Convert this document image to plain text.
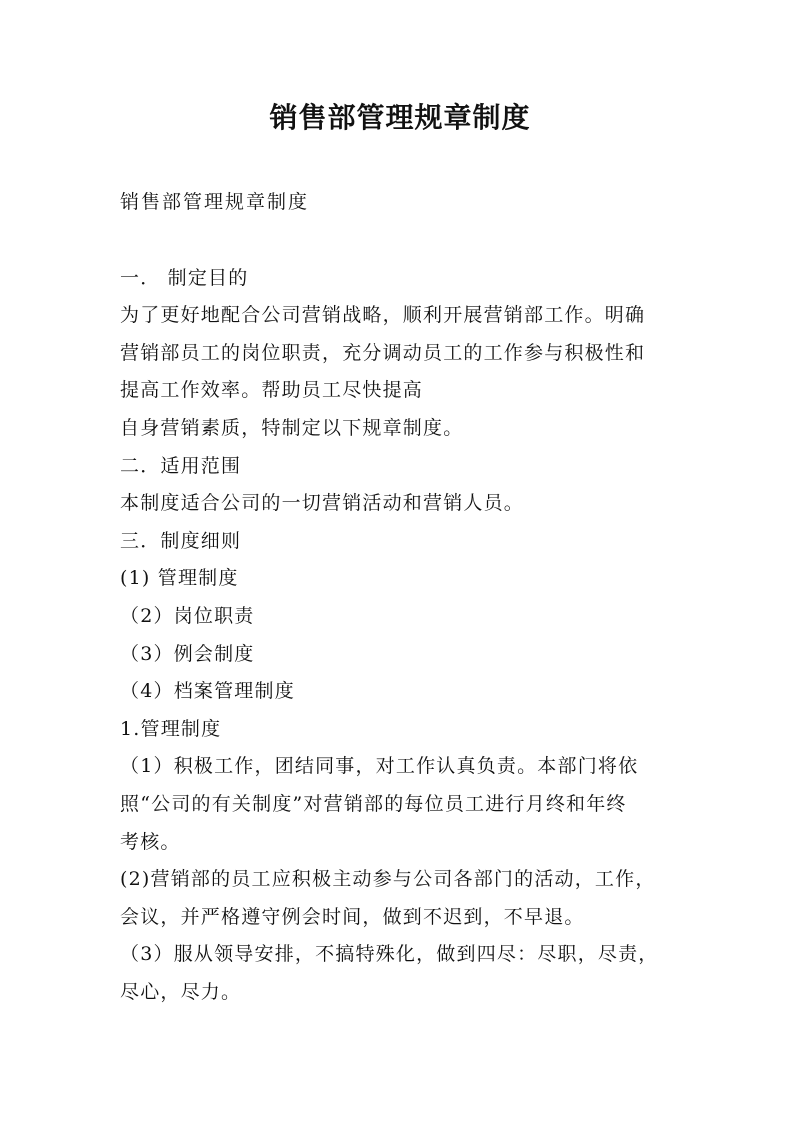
销售部管理规章制度
销售部管理规章制度
一． 制定目的
为了更好地配合公司营销战略，顺利开展营销部工作。明确
营销部员工的岗位职责，充分调动员工的工作参与积极性和
提高工作效率。帮助员工尽快提高
自身营销素质，特制定以下规章制度。
二．适用范围
本制度适合公司的一切营销活动和营销人员。
三．制度细则
(1) 管理制度
（2）岗位职责
（3）例会制度
（4）档案管理制度
1.管理制度
（1）积极工作，团结同事，对工作认真负责。本部门将依
照“公司的有关制度”对营销部的每位员工进行月终和年终
考核。
(2)营销部的员工应积极主动参与公司各部门的活动，工作，
会议，并严格遵守例会时间，做到不迟到，不早退。
（3）服从领导安排，不搞特殊化，做到四尽：尽职，尽责，
尽心，尽力。
